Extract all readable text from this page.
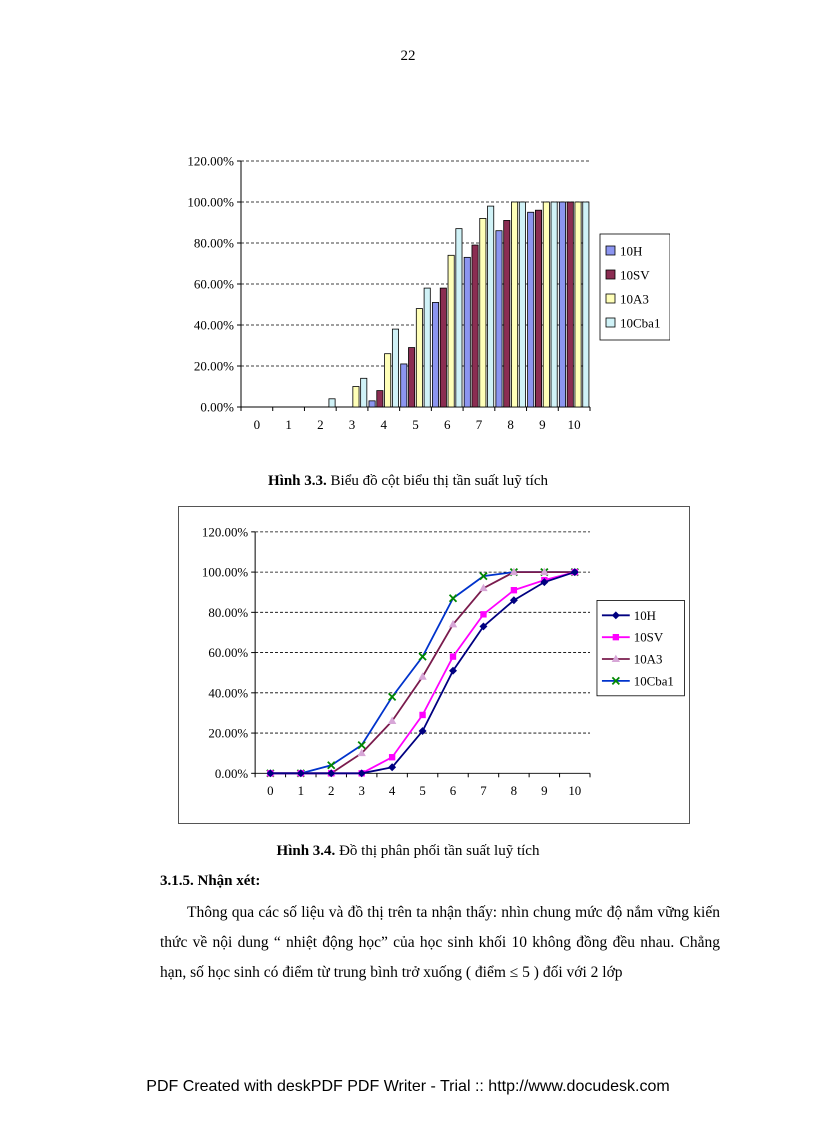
22
0.00%
20.00%
40.00%
60.00%
80.00%
100.00%
120.00%
0 1 2 3 4 5 6 7 8 9 10
10H
10SV
10A3
10Cba1
Hình 3.3. Biểu đồ cột biểu thị tần suất luỹ tích
0.00%
20.00%
40.00%
60.00%
80.00%
100.00%
120.00%
0 1 2 3 4 5 6 7 8 9 10
10H
10SV
10A3
10Cba1
Hình 3.4. Đồ thị phân phối tần suất luỹ tích
3.1.5. Nhận xét:

Thông qua các số liệu và đồ thị trên ta nhận thấy: nhìn chung mức độ nắm vững kiến thức về nội dung “ nhiệt động học” của học sinh khối 10 không đồng đều nhau. Chẳng hạn, số học sinh có điểm từ trung bình trở xuống ( điểm ≤ 5 ) đối với 2 lớp

PDF Created with deskPDF PDF Writer - Trial :: http://www.docudesk.com
